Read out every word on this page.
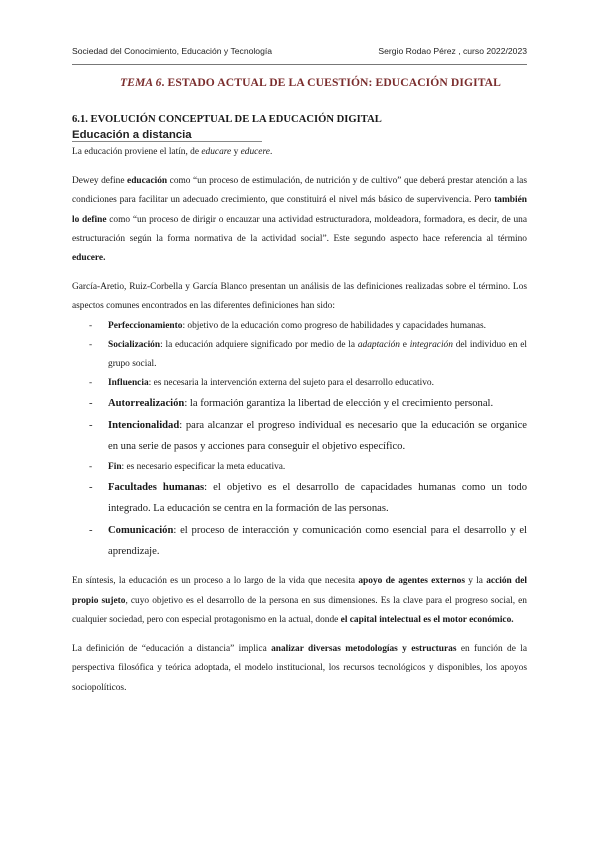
Sociedad del Conocimiento, Educación y Tecnología	Sergio Rodao Pérez , curso 2022/2023
TEMA 6. ESTADO ACTUAL DE LA CUESTIÓN: EDUCACIÓN DIGITAL
6.1. EVOLUCIÓN CONCEPTUAL DE LA EDUCACIÓN DIGITAL
Educación a distancia

La educación proviene el latín, de educare y educere.

Dewey define educación como “un proceso de estimulación, de nutrición y de cultivo” que deberá prestar atención a las condiciones para facilitar un adecuado crecimiento, que constituirá el nivel más básico de supervivencia. Pero también lo define como “un proceso de dirigir o encauzar una actividad estructuradora, moldeadora, formadora, es decir, de una estructuración según la forma normativa de la actividad social”. Este segundo aspecto hace referencia al término educere.

García-Aretio, Ruiz-Corbella y García Blanco presentan un análisis de las definiciones realizadas sobre el término. Los aspectos comunes encontrados en las diferentes definiciones han sido:

- Perfeccionamiento: objetivo de la educación como progreso de habilidades y capacidades humanas.
- Socialización: la educación adquiere significado por medio de la adaptación e integración del individuo en el grupo social.
- Influencia: es necesaria la intervención externa del sujeto para el desarrollo educativo.
- Autorrealización: la formación garantiza la libertad de elección y el crecimiento personal.
- Intencionalidad: para alcanzar el progreso individual es necesario que la educación se organice en una serie de pasos y acciones para conseguir el objetivo específico.
- Fin: es necesario especificar la meta educativa.
- Facultades humanas: el objetivo es el desarrollo de capacidades humanas como un todo integrado. La educación se centra en la formación de las personas.
- Comunicación: el proceso de interacción y comunicación como esencial para el desarrollo y el aprendizaje.

En síntesis, la educación es un proceso a lo largo de la vida que necesita apoyo de agentes externos y la acción del propio sujeto, cuyo objetivo es el desarrollo de la persona en sus dimensiones. Es la clave para el progreso social, en cualquier sociedad, pero con especial protagonismo en la actual, donde el capital intelectual es el motor económico.

La definición de “educación a distancia” implica analizar diversas metodologías y estructuras en función de la perspectiva filosófica y teórica adoptada, el modelo institucional, los recursos tecnológicos y disponibles, los apoyos sociopolíticos.
